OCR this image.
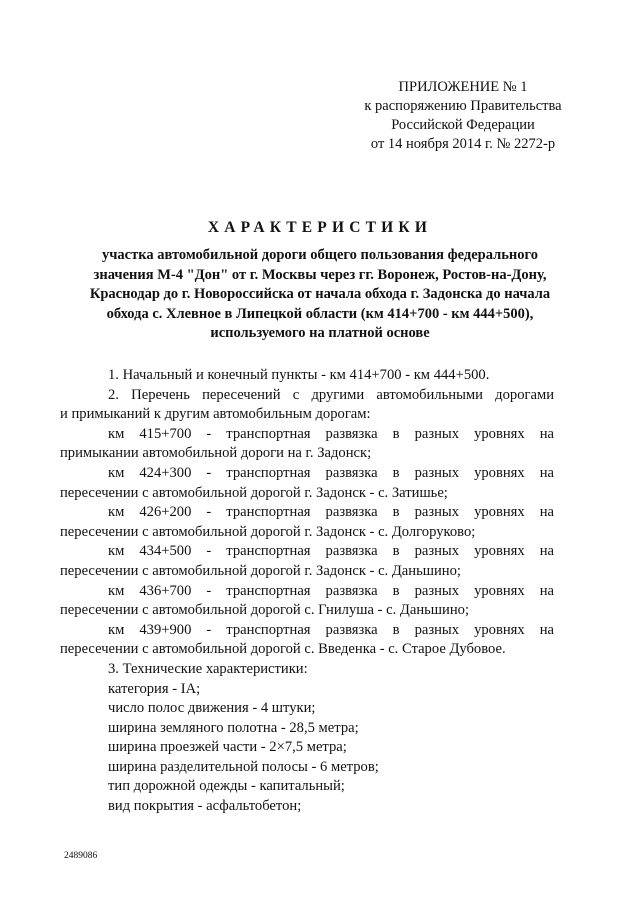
ПРИЛОЖЕНИЕ № 1
к распоряжению Правительства
Российской Федерации
от 14 ноября 2014 г. № 2272-р
ХАРАКТЕРИСТИКИ
участка автомобильной дороги общего пользования федерального
значения М-4 "Дон" от г. Москвы через гг. Воронеж, Ростов-на-Дону,
Краснодар до г. Новороссийска от начала обхода г. Задонска до начала
обхода с. Хлевное в Липецкой области (км 414+700 - км 444+500),
используемого на платной основе

1. Начальный и конечный пункты - км 414+700 - км 444+500.

2. Перечень пересечений с другими автомобильными дорогами

и примыканий к другим автомобильным дорогам:

км 415+700 - транспортная развязка в разных уровнях на

примыкании автомобильной дороги на г. Задонск;

км 424+300 - транспортная развязка в разных уровнях на

пересечении с автомобильной дорогой г. Задонск - с. Затишье;

км 426+200 - транспортная развязка в разных уровнях на

пересечении с автомобильной дорогой г. Задонск - с. Долгоруково;

км 434+500 - транспортная развязка в разных уровнях на

пересечении с автомобильной дорогой г. Задонск - с. Даньшино;

км 436+700 - транспортная развязка в разных уровнях на

пересечении с автомобильной дорогой с. Гнилуша - с. Даньшино;

км 439+900 - транспортная развязка в разных уровнях на

пересечении с автомобильной дорогой с. Введенка - с. Старое Дубовое.

3. Технические характеристики:

категория - IА;

число полос движения - 4 штуки;

ширина земляного полотна - 28,5 метра;

ширина проезжей части - 2×7,5 метра;

ширина разделительной полосы - 6 метров;

тип дорожной одежды - капитальный;

вид покрытия - асфальтобетон;

2489086
